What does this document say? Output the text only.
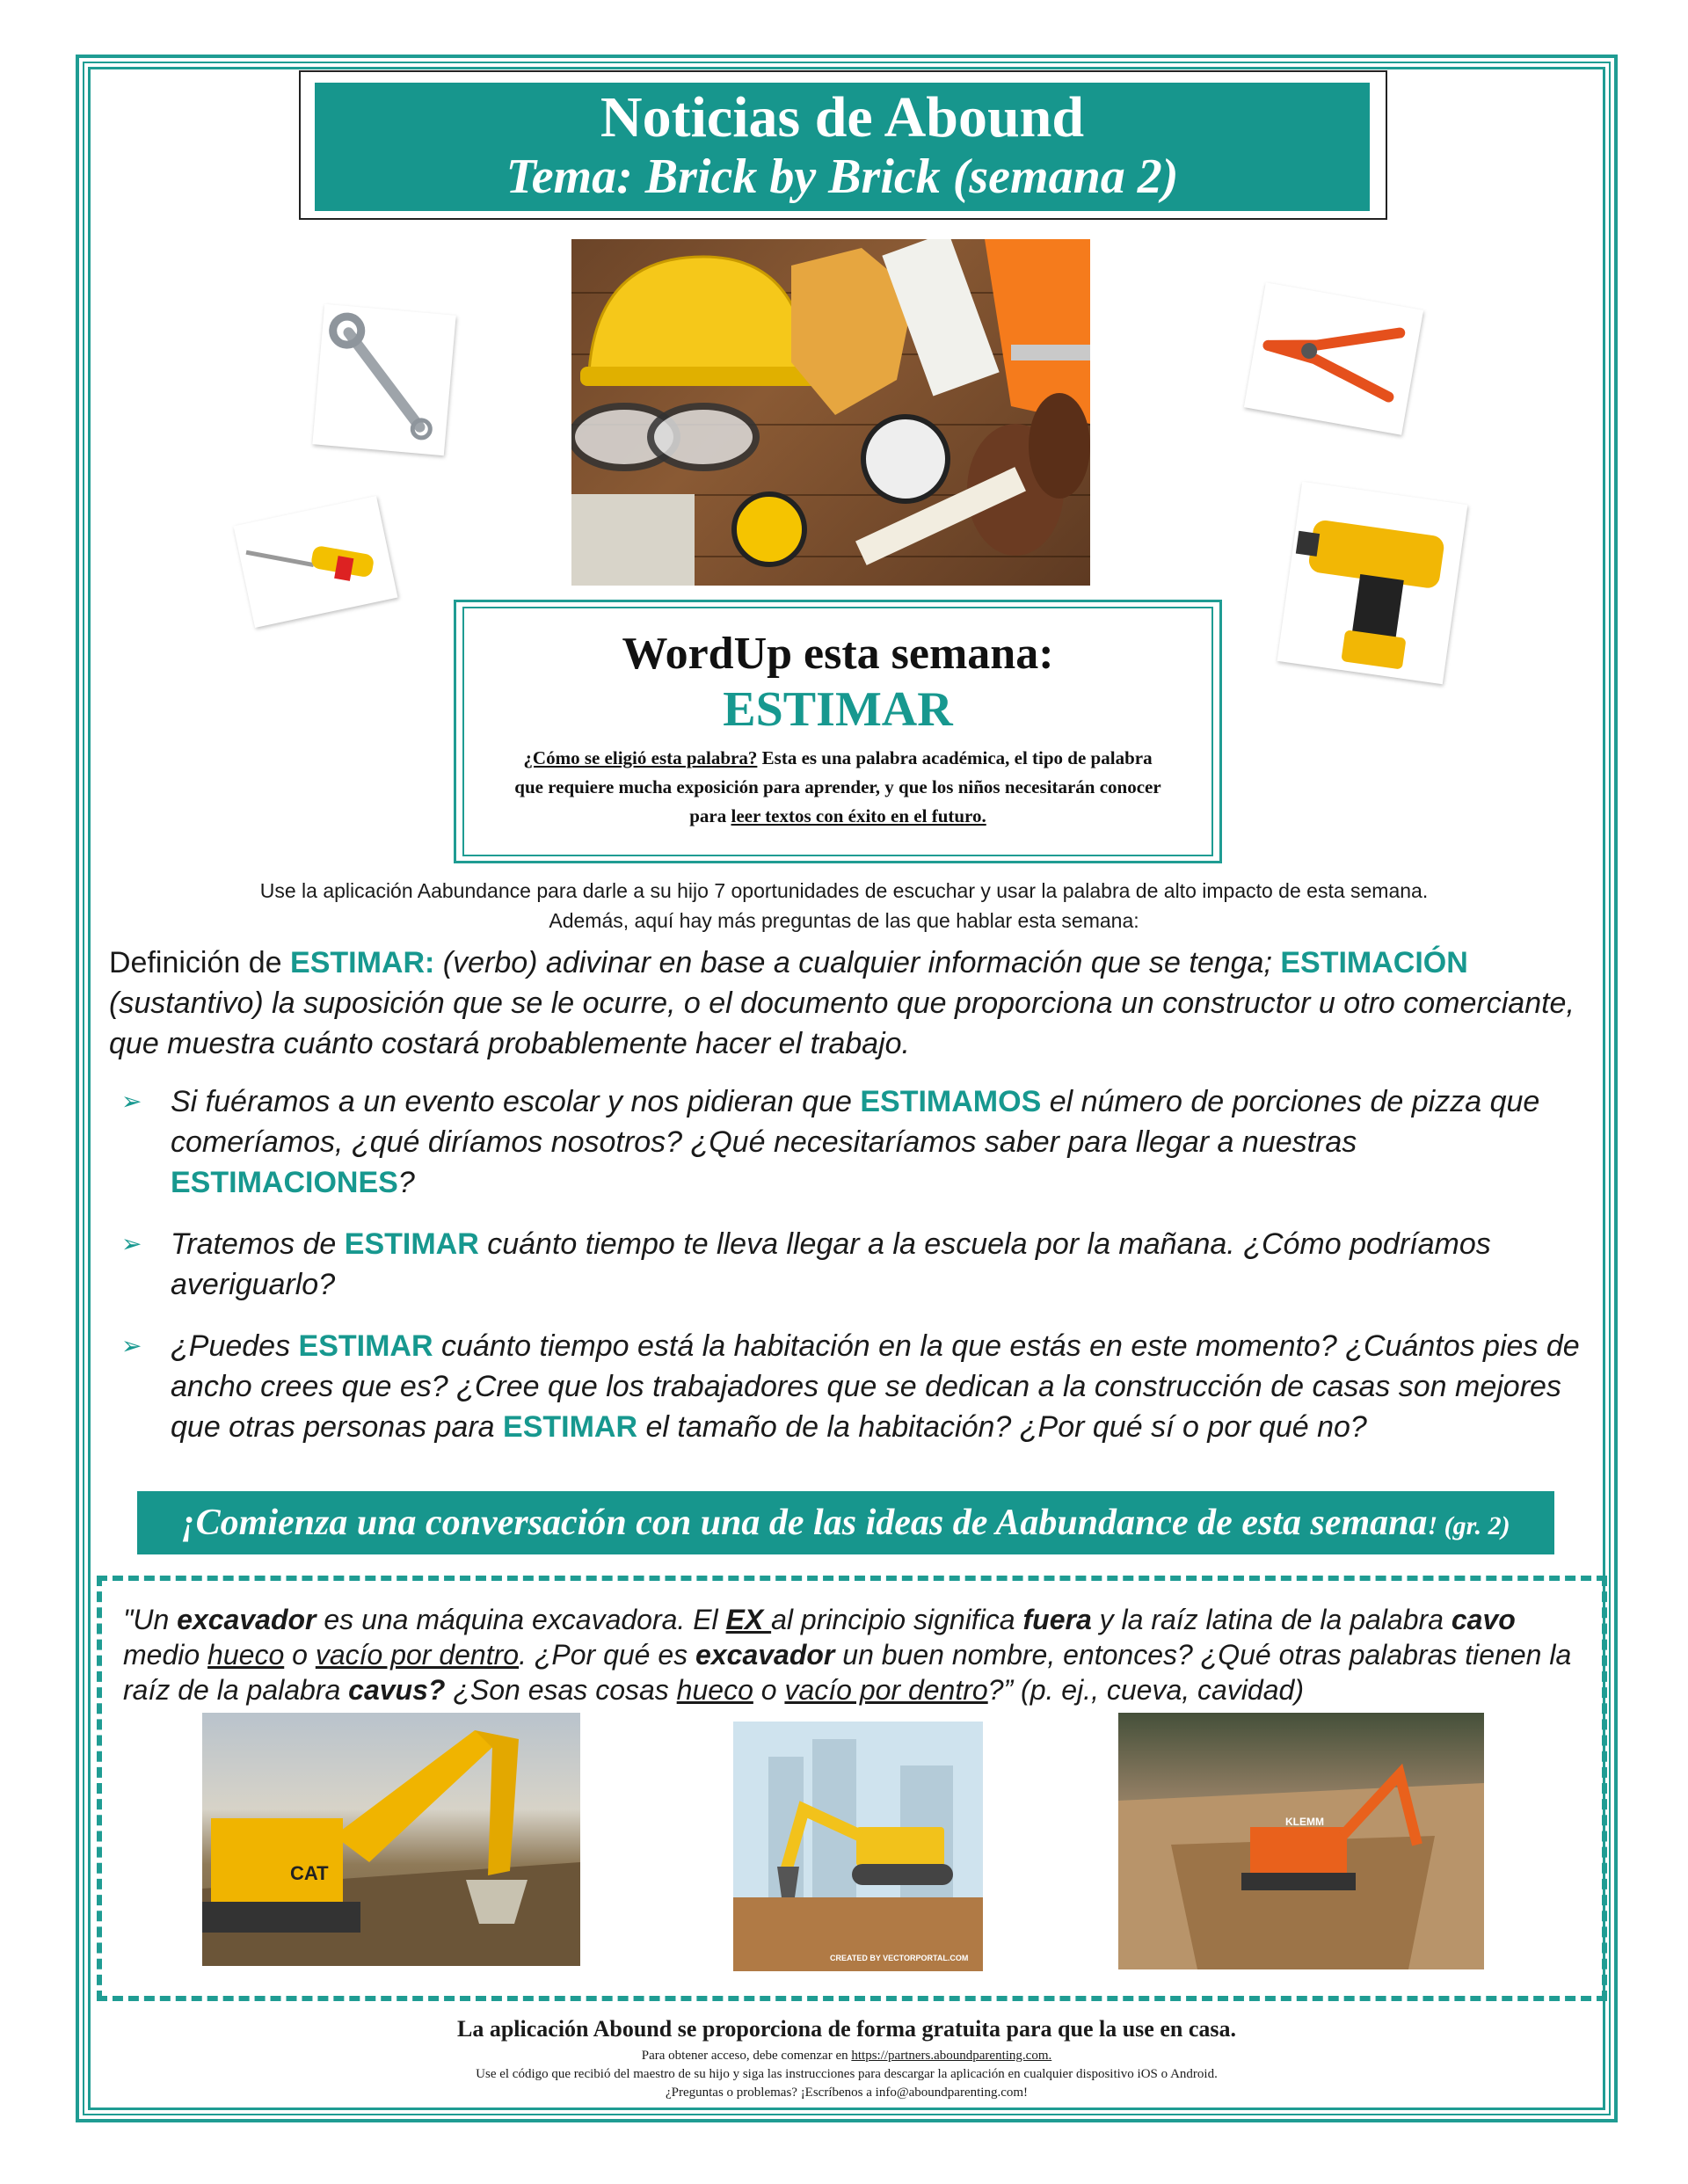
Noticias de Abound
Tema: Brick by Brick (semana 2)
WordUp esta semana:
ESTIMAR
¿Cómo se eligió esta palabra? Esta es una palabra académica, el tipo de palabra que requiere mucha exposición para aprender, y que los niños necesitarán conocer para leer textos con éxito en el futuro.
Use la aplicación Aabundance para darle a su hijo 7 oportunidades de escuchar y usar la palabra de alto impacto de esta semana.
Además, aquí hay más preguntas de las que hablar esta semana:
Definición de ESTIMAR: (verbo) adivinar en base a cualquier información que se tenga; ESTIMACIÓN (sustantivo) la suposición que se le ocurre, o el documento que proporciona un constructor u otro comerciante, que muestra cuánto costará probablemente hacer el trabajo.
➢ Si fuéramos a un evento escolar y nos pidieran que ESTIMAMOS el número de porciones de pizza que comeríamos, ¿qué diríamos nosotros? ¿Qué necesitaríamos saber para llegar a nuestras ESTIMACIONES?
➢ Tratemos de ESTIMAR cuánto tiempo te lleva llegar a la escuela por la mañana. ¿Cómo podríamos averiguarlo?
➢ ¿Puedes ESTIMAR cuánto tiempo está la habitación en la que estás en este momento? ¿Cuántos pies de ancho crees que es? ¿Cree que los trabajadores que se dedican a la construcción de casas son mejores que otras personas para ESTIMAR el tamaño de la habitación? ¿Por qué sí o por qué no?
¡Comienza una conversación con una de las ideas de Aabundance de esta semana! (gr. 2)
"Un excavador es una máquina excavadora. El EX al principio significa fuera y la raíz latina de la palabra cavo medio hueco o vacío por dentro. ¿Por qué es excavador un buen nombre, entonces? ¿Qué otras palabras tienen la raíz de la palabra cavus? ¿Son esas cosas hueco o vacío por dentro?” (p. ej., cueva, cavidad)
CAT
CREATED BY VECTORPORTAL.COM
KLEMM
La aplicación Abound se proporciona de forma gratuita para que la use en casa.
Para obtener acceso, debe comenzar en https://partners.aboundparenting.com.
Use el código que recibió del maestro de su hijo y siga las instrucciones para descargar la aplicación en cualquier dispositivo iOS o Android.
¿Preguntas o problemas? ¡Escríbenos a info@aboundparenting.com!
